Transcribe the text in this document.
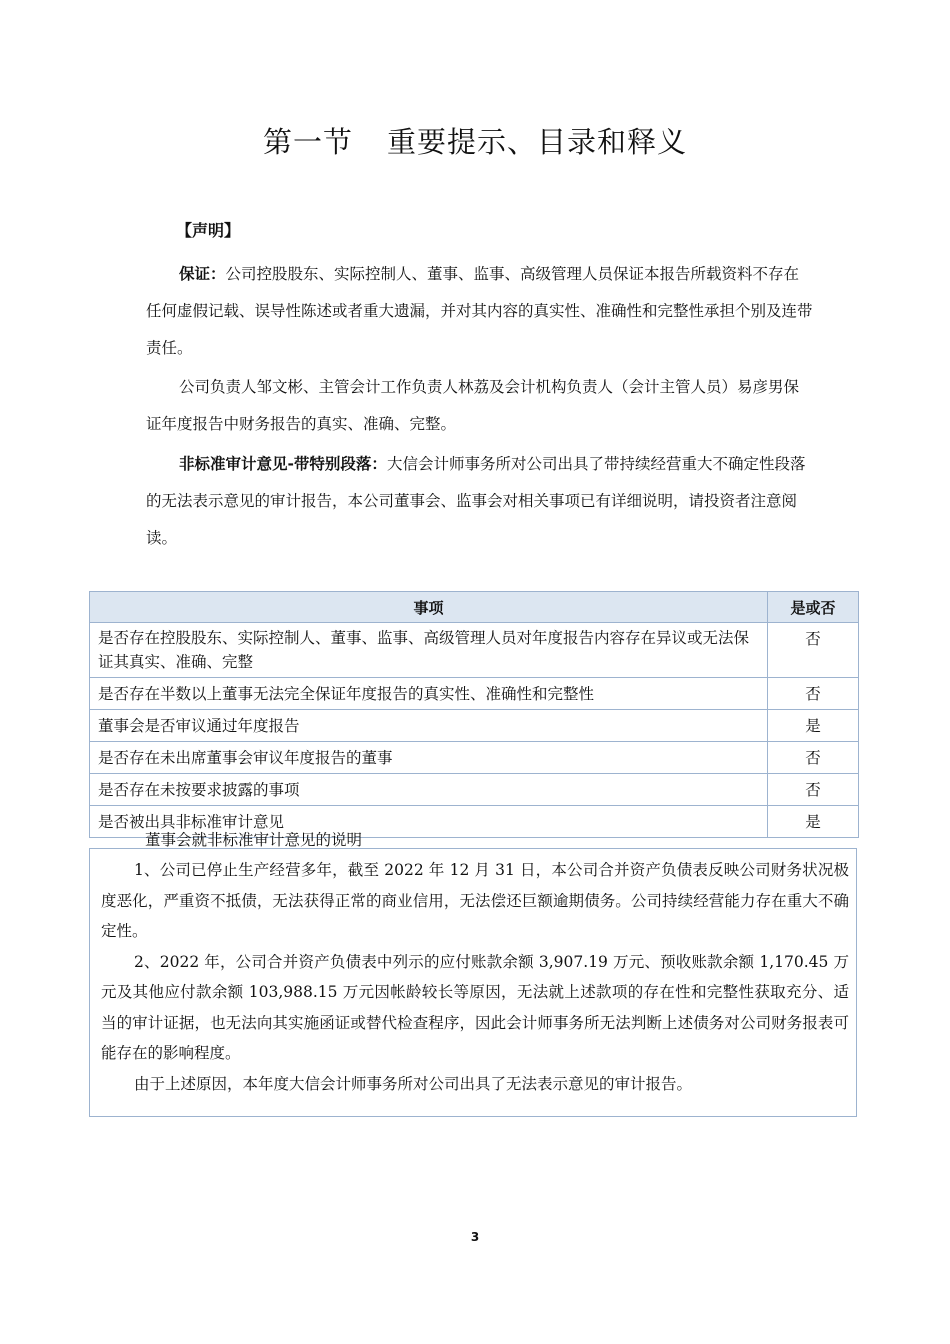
第一节 重要提示、目录和释义
【声明】
保证：公司控股股东、实际控制人、董事、监事、高级管理人员保证本报告所载资料不存在任何虚假记载、误导性陈述或者重大遗漏，并对其内容的真实性、准确性和完整性承担个别及连带责任。
公司负责人邹文彬、主管会计工作负责人林荔及会计机构负责人（会计主管人员）易彦男保证年度报告中财务报告的真实、准确、完整。
非标准审计意见-带特别段落：大信会计师事务所对公司出具了带持续经营重大不确定性段落的无法表示意见的审计报告，本公司董事会、监事会对相关事项已有详细说明，请投资者注意阅读。
事项	是或否
是否存在控股股东、实际控制人、董事、监事、高级管理人员对年度报告内容存在异议或无法保证其真实、准确、完整	否
是否存在半数以上董事无法完全保证年度报告的真实性、准确性和完整性	否
董事会是否审议通过年度报告	是
是否存在未出席董事会审议年度报告的董事	否
是否存在未按要求披露的事项	否
是否被出具非标准审计意见	是
董事会就非标准审计意见的说明

1、公司已停止生产经营多年，截至 2022 年 12 月 31 日，本公司合并资产负债表反映公司财务状况极度恶化，严重资不抵债，无法获得正常的商业信用，无法偿还巨额逾期债务。公司持续经营能力存在重大不确定性。

2、2022 年，公司合并资产负债表中列示的应付账款余额 3,907.19 万元、预收账款余额 1,170.45 万元及其他应付款余额 103,988.15 万元因帐龄较长等原因，无法就上述款项的存在性和完整性获取充分、适当的审计证据，也无法向其实施函证或替代检查程序，因此会计师事务所无法判断上述债务对公司财务报表可能存在的影响程度。

由于上述原因，本年度大信会计师事务所对公司出具了无法表示意见的审计报告。

3
